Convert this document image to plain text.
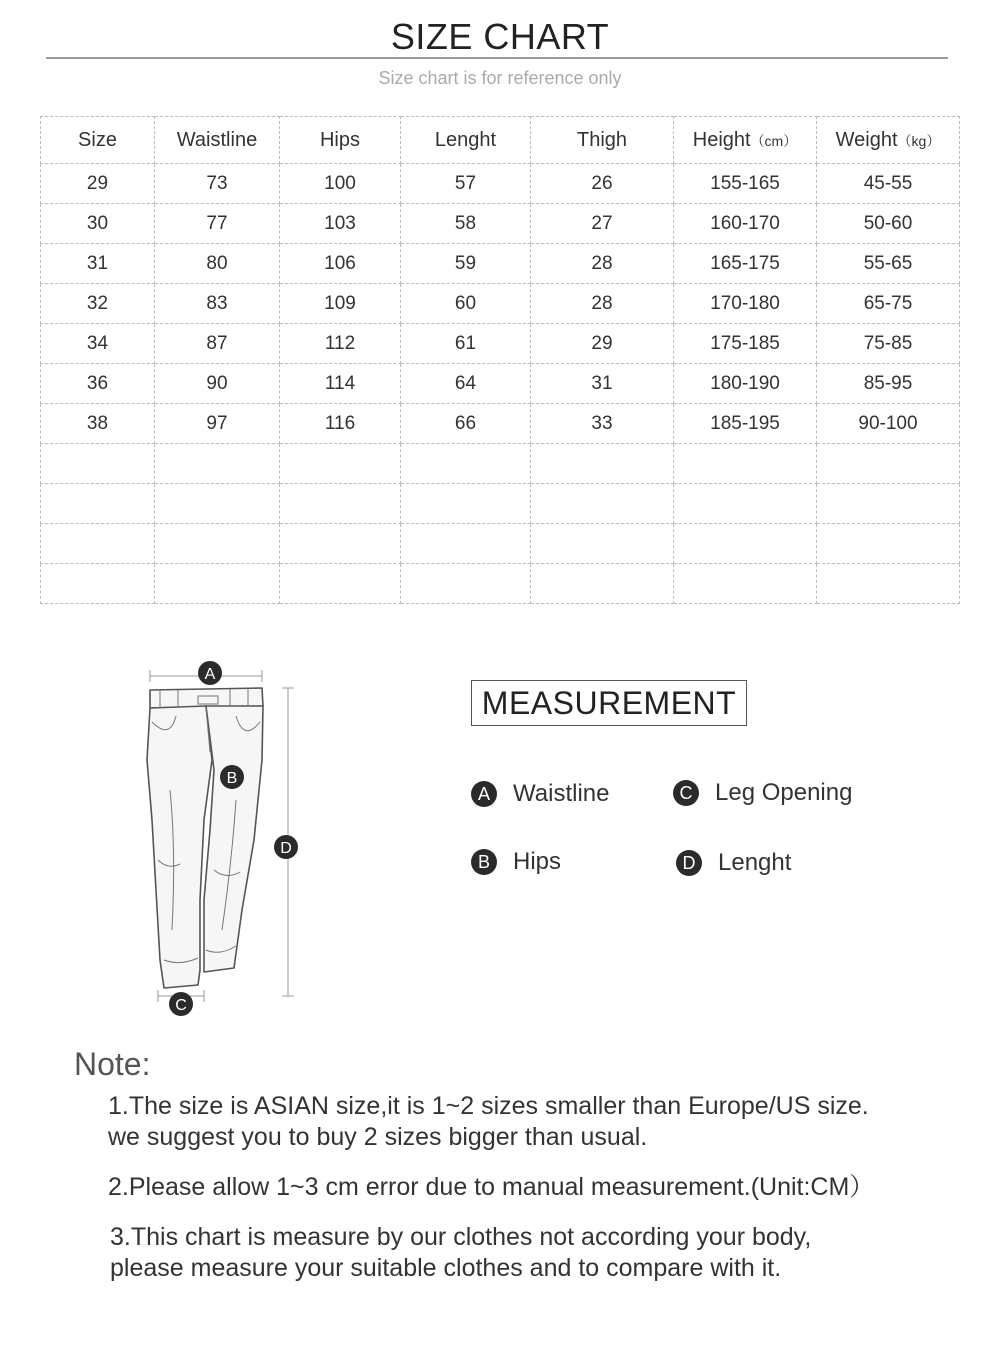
SIZE CHART
Size chart is for reference only
Size	Waistline	Hips	Lenght	Thigh	Height（cm）	Weight（kg）
29	73	100	57	26	155-165	45-55
30	77	103	58	27	160-170	50-60
31	80	106	59	28	165-175	55-65
32	83	109	60	28	170-180	65-75
34	87	112	61	29	175-185	75-85
36	90	114	64	31	180-190	85-95
38	97	116	66	33	185-195	90-100

A
B
C
D
MEASUREMENT
A Waistline	C Leg Opening
B Hips	D Lenght
Note:
1.The size is ASIAN size,it is 1~2 sizes smaller than Europe/US size.
we suggest you to buy 2 sizes bigger than usual.
2.Please allow 1~3 cm error due to manual measurement.(Unit:CM）
3.This chart is measure by our clothes not according your body,
please measure your suitable clothes and to compare with it.
